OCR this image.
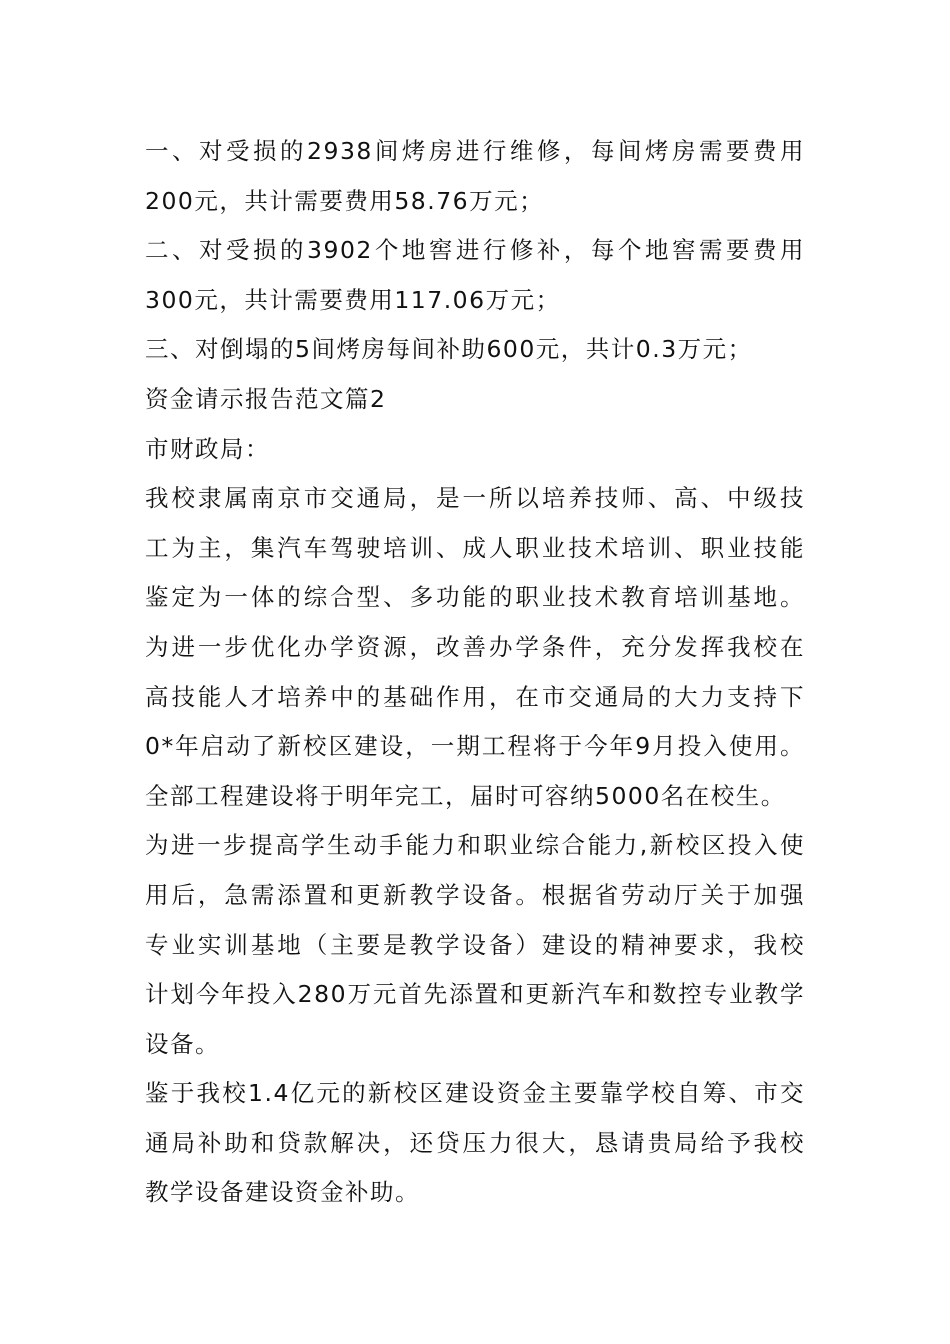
一、对受损的2938间烤房进行维修，每间烤房需要费用
200元，共计需要费用58.76万元；
二、对受损的3902个地窖进行修补，每个地窖需要费用
300元，共计需要费用117.06万元；
三、对倒塌的5间烤房每间补助600元，共计0.3万元；
资金请示报告范文篇2
市财政局：
我校隶属南京市交通局，是一所以培养技师、高、中级技
工为主，集汽车驾驶培训、成人职业技术培训、职业技能
鉴定为一体的综合型、多功能的职业技术教育培训基地。
为进一步优化办学资源，改善办学条件，充分发挥我校在
高技能人才培养中的基础作用，在市交通局的大力支持下
0*年启动了新校区建设，一期工程将于今年9月投入使用。
全部工程建设将于明年完工，届时可容纳5000名在校生。
为进一步提高学生动手能力和职业综合能力,新校区投入使
用后，急需添置和更新教学设备。根据省劳动厅关于加强
专业实训基地（主要是教学设备）建设的精神要求，我校
计划今年投入280万元首先添置和更新汽车和数控专业教学
设备。
鉴于我校1.4亿元的新校区建设资金主要靠学校自筹、市交
通局补助和贷款解决，还贷压力很大，恳请贵局给予我校
教学设备建设资金补助。
